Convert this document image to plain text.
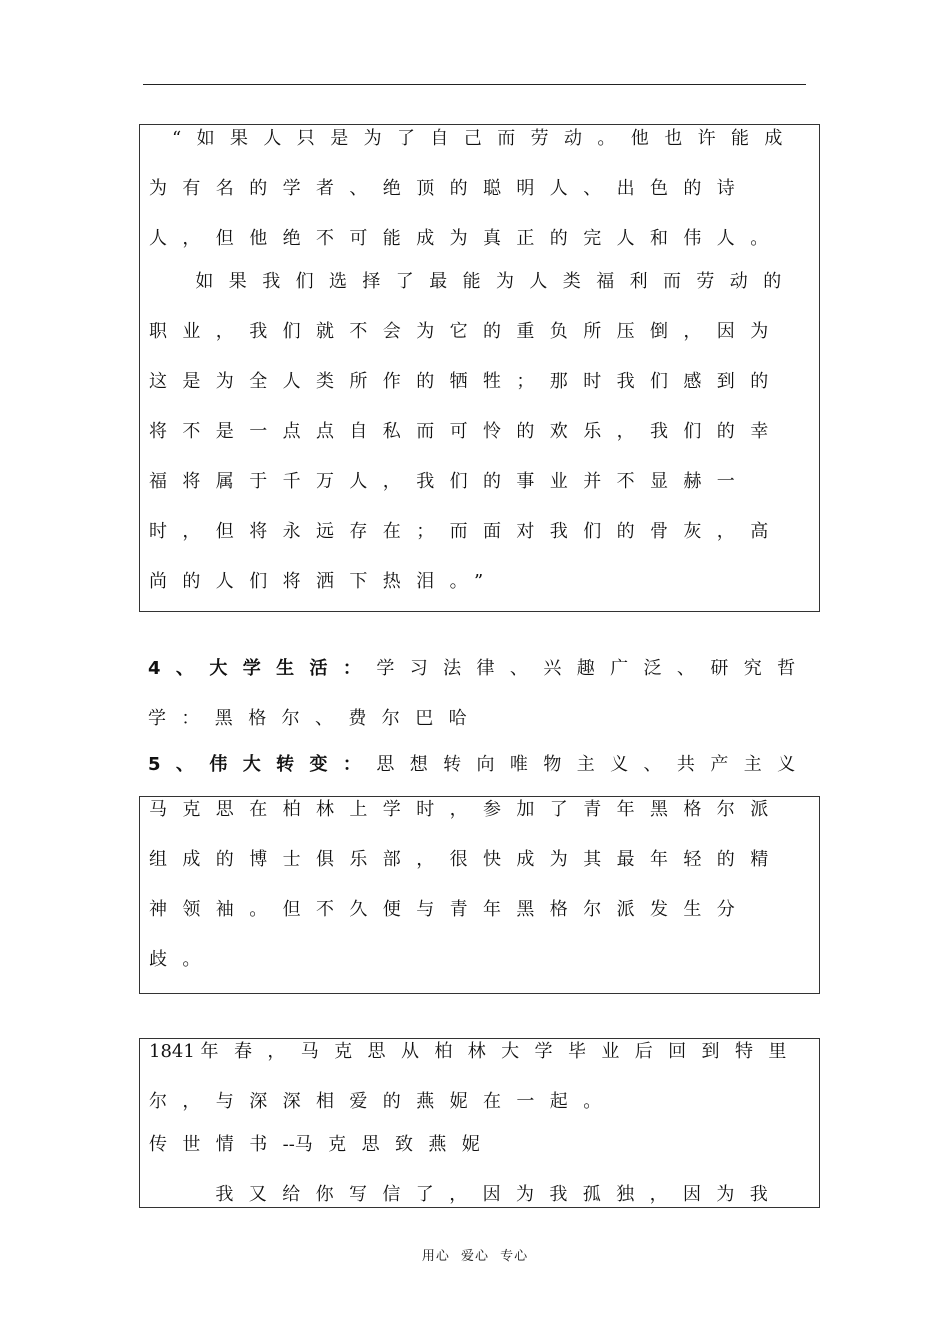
“如果人只是为了自己而劳动。他也许能成
为有名的学者、绝顶的聪明人、出色的诗
人，但他绝不可能成为真正的完人和伟人。
　如果我们选择了最能为人类福利而劳动的
职业，我们就不会为它的重负所压倒，因为
这是为全人类所作的牺牲；那时我们感到的
将不是一点点自私而可怜的欢乐，我们的幸
福将属于千万人，我们的事业并不显赫一
时，但将永远存在；而面对我们的骨灰，高
尚的人们将洒下热泪。”
4、大学生活：学习法律、兴趣广泛、研究哲
学：黑格尔、费尔巴哈
5、伟大转变：思想转向唯物主义、共产主义
马克思在柏林上学时，参加了青年黑格尔派
组成的博士俱乐部，很快成为其最年轻的精
神领袖。但不久便与青年黑格尔派发生分
歧。
1841 年春，马克思从柏林大学毕业后回到特里
尔，与深深相爱的燕妮在一起。
传世情书--马克思致燕妮
　我又给你写信了，因为我孤独，因为我
用心 爱心 专心
